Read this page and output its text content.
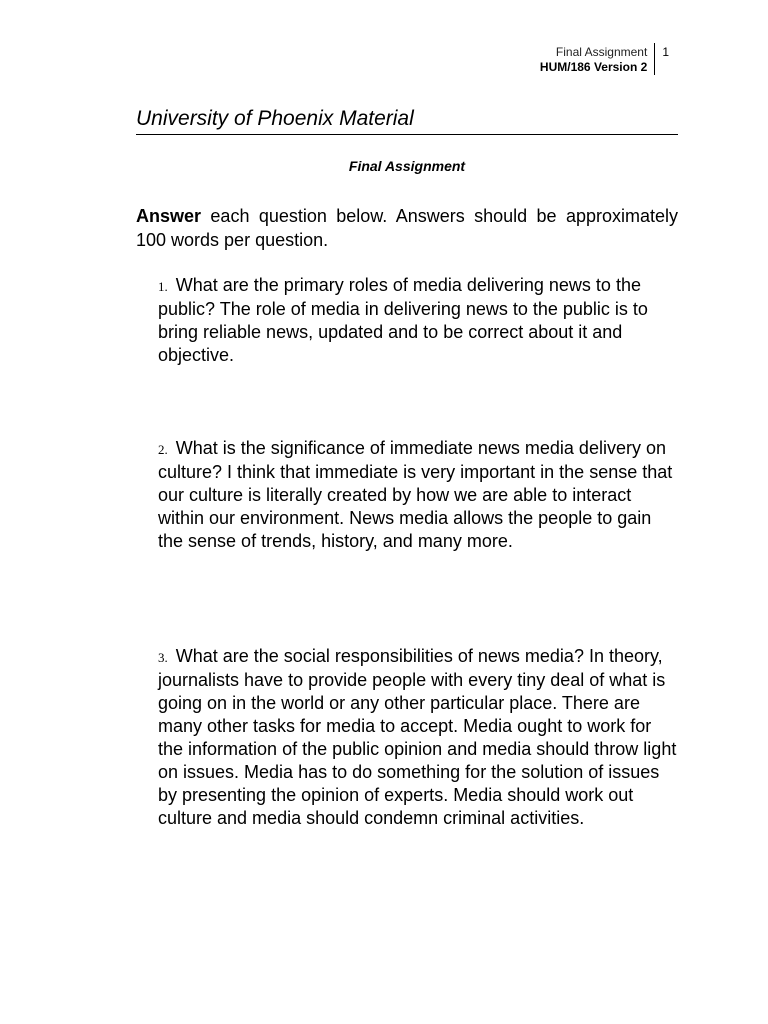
Final Assignment
HUM/186 Version 2
1
University of Phoenix Material
Final Assignment
Answer each question below. Answers should be approximately 100 words per question.
1. What are the primary roles of media delivering news to the public? The role of media in delivering news to the public is to bring reliable news, updated and to be correct about it and objective.
2. What is the significance of immediate news media delivery on culture? I think that immediate is very important in the sense that our culture is literally created by how we are able to interact within our environment. News media allows the people to gain the sense of trends, history, and many more.
3. What are the social responsibilities of news media? In theory, journalists have to provide people with every tiny deal of what is going on in the world or any other particular place. There are many other tasks for media to accept. Media ought to work for the information of the public opinion and media should throw light on issues. Media has to do something for the solution of issues by presenting the opinion of experts. Media should work out culture and media should condemn criminal activities.
